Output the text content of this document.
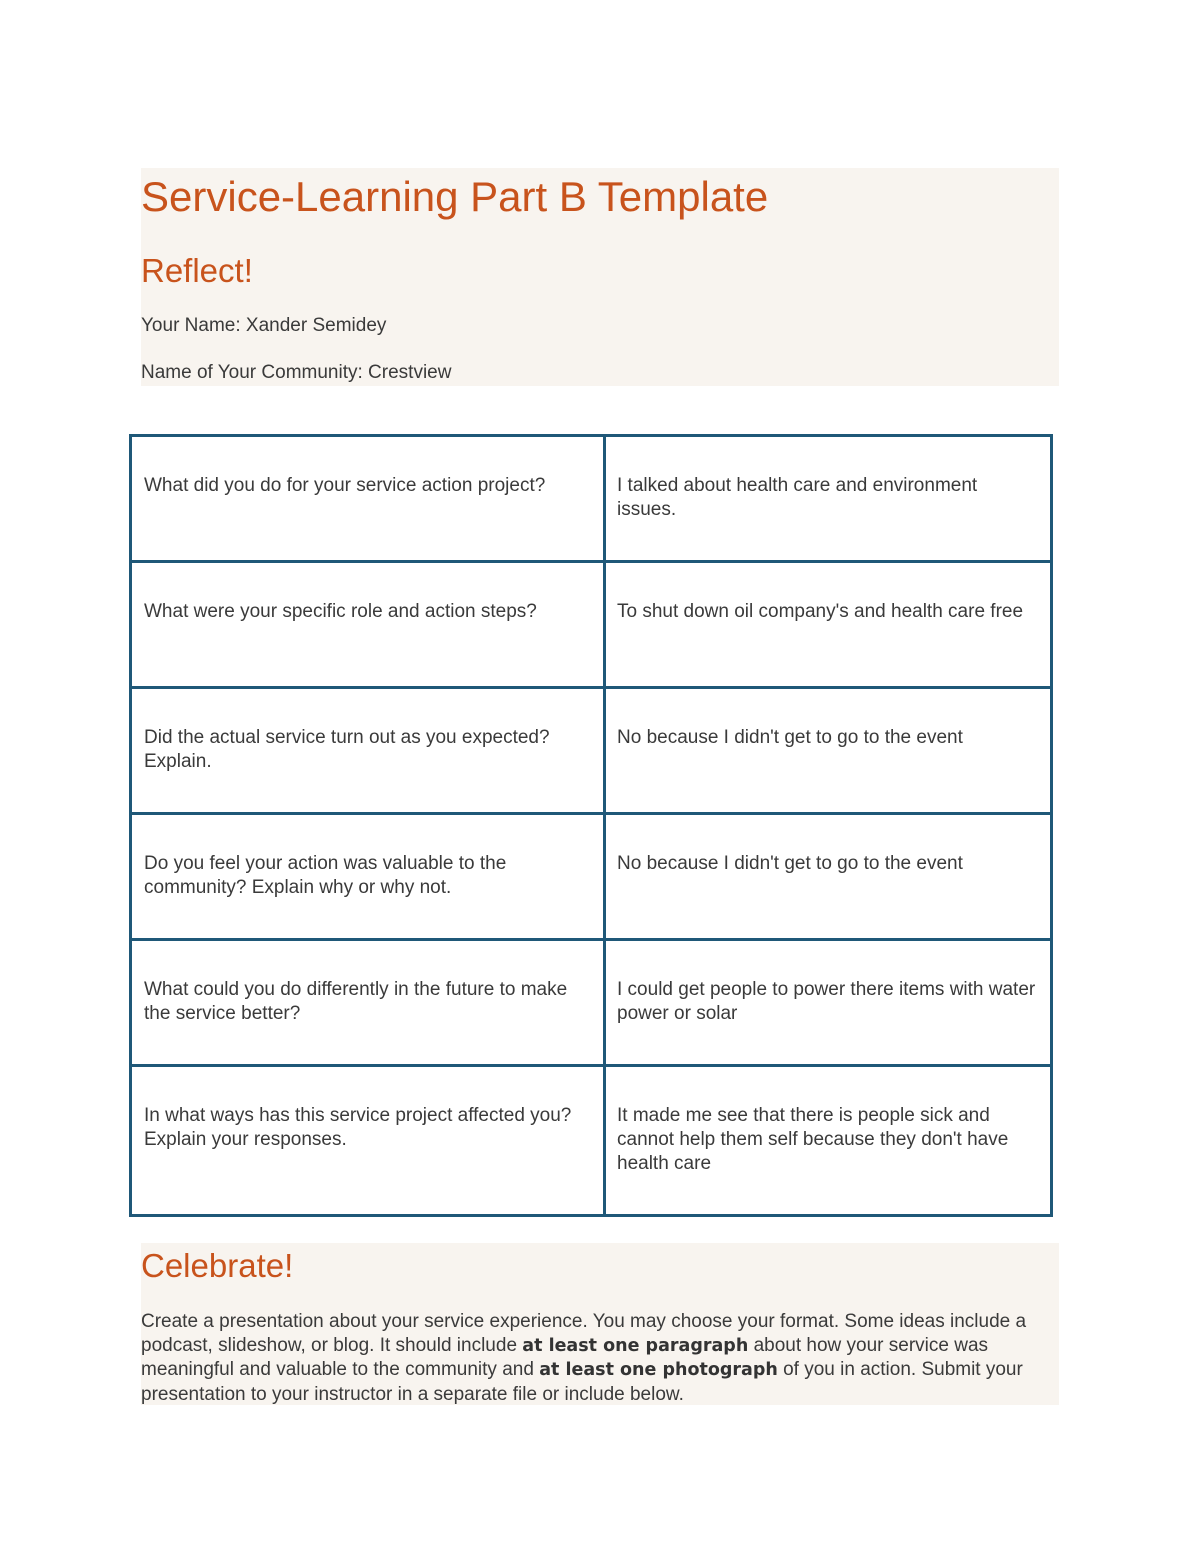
Service-Learning Part B Template
Reflect!
Your Name: Xander Semidey
Name of Your Community: Crestview
What did you do for your service action project?	I talked about health care and environment issues.
What were your specific role and action steps?	To shut down oil company's and health care free
Did the actual service turn out as you expected? Explain.	No because I didn't get to go to the event
Do you feel your action was valuable to the community? Explain why or why not.	No because I didn't get to go to the event
What could you do differently in the future to make the service better?	I could get people to power there items with water power or solar
In what ways has this service project affected you? Explain your responses.	It made me see that there is people sick and cannot help them self because they don't have health care
Celebrate!
Create a presentation about your service experience. You may choose your format. Some ideas include a podcast, slideshow, or blog. It should include at least one paragraph about how your service was meaningful and valuable to the community and at least one photograph of you in action. Submit your presentation to your instructor in a separate file or include below.
